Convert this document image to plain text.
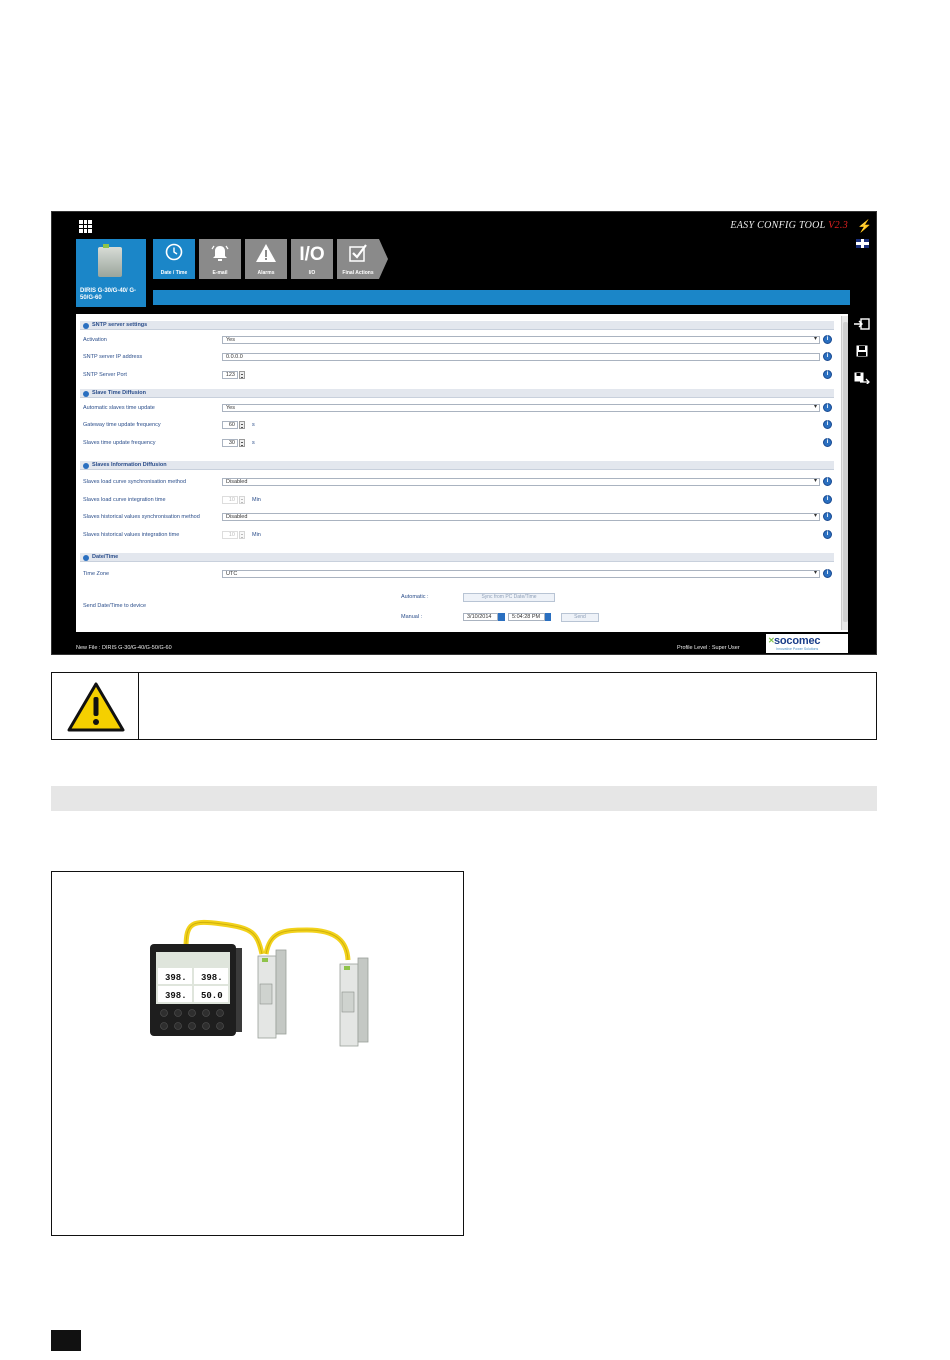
EASY CONFIG TOOL V2.3 ⚡
DIRIS G-30/G-40/ G-50/G-60
Date / Time	E-mail	Alarms
I/O
I/O	Final Actions
SNTP server settings
Activation	Yes ▾
i
SNTP server IP address	0.0.0.0
i
SNTP Server Port	123
i
Slave Time Diffusion
Automatic slaves time update	Yes ▾
i
Gateway time update frequency	60	s
i
Slaves time update frequency	30	s
i
Slaves Information Diffusion
Slaves load curve synchronisation method	Disabled ▾
i
Slaves load curve integration time	10	Min
i
Slaves historical values synchronisation method	Disabled ▾
i
Slaves historical values integration time	10	Min
i
Date/Time
Time Zone	UTC ▾
i
Send Date/Time to device
Automatic :	Sync from PC Date/Time
Manual :	3/10/2014	5:04:28 PM	Send
New File : DIRIS G-30/G-40/G-50/G-60	Profile Level : Super User
✕ socomec
Innovative Power Solutions
398. 398.
398. 50.0
